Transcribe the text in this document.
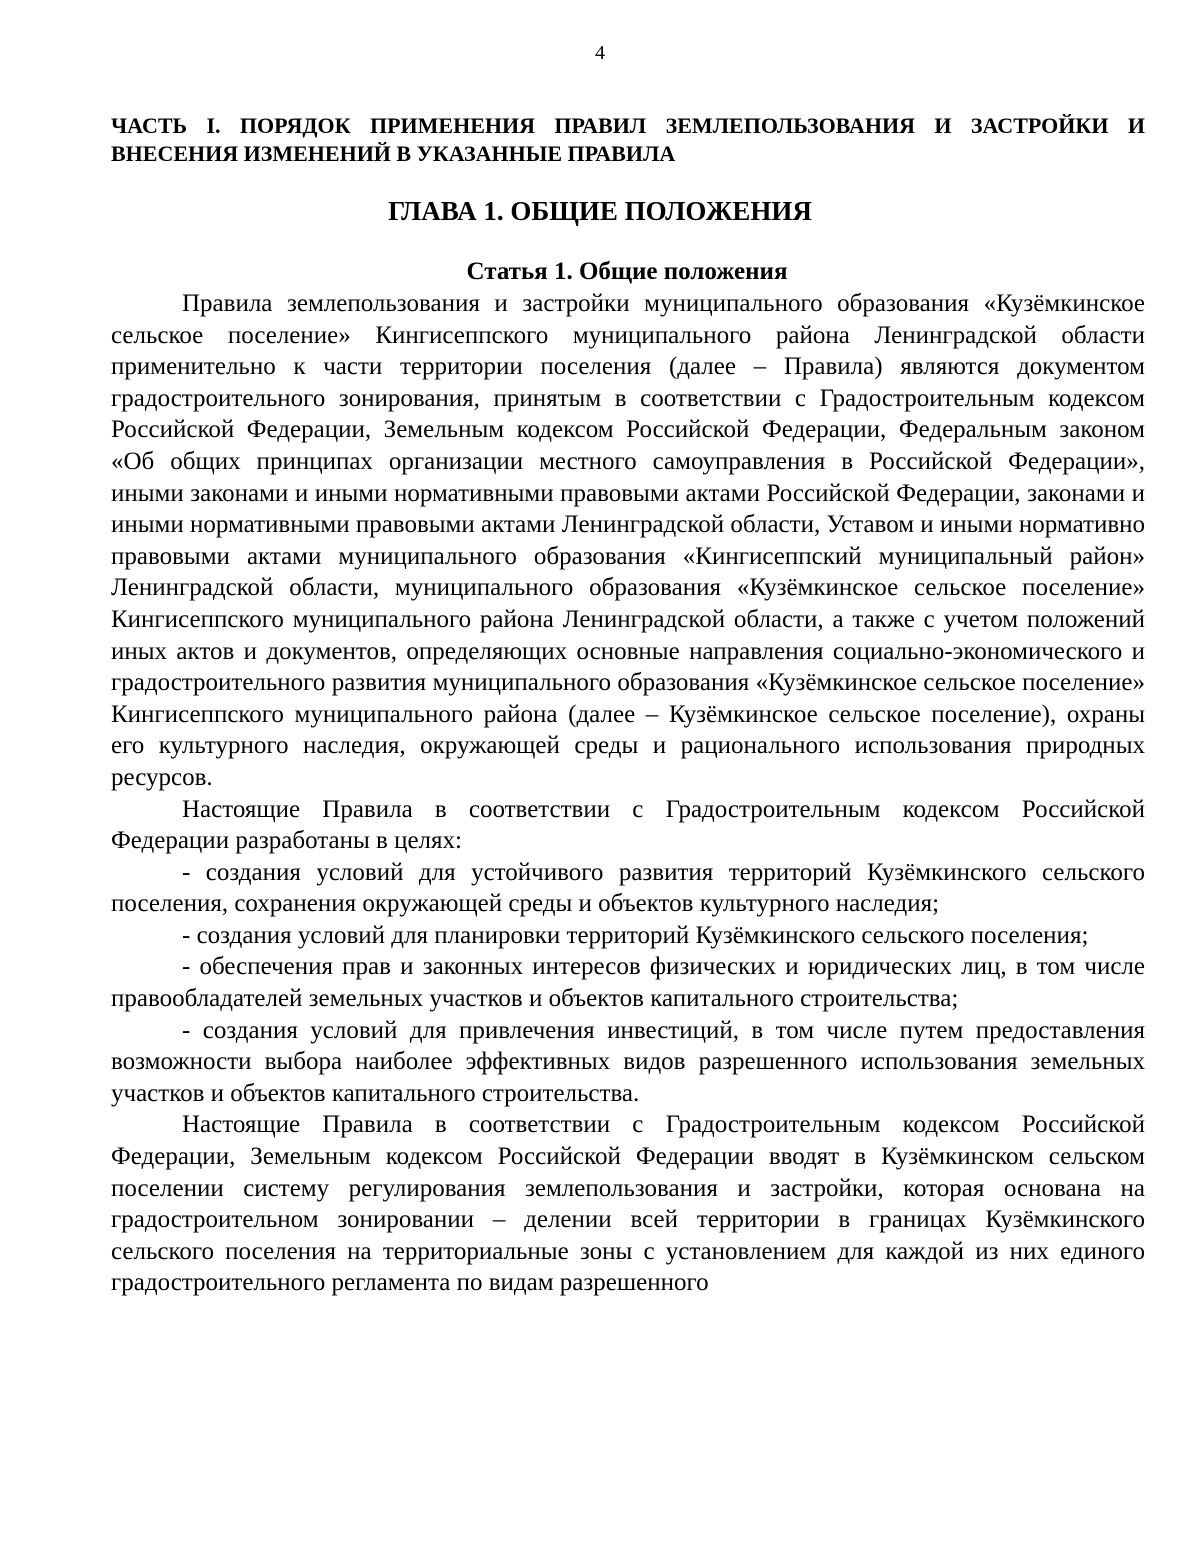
4
ЧАСТЬ I. ПОРЯДОК ПРИМЕНЕНИЯ ПРАВИЛ ЗЕМЛЕПОЛЬЗОВАНИЯ И ЗАСТРОЙКИ И ВНЕСЕНИЯ ИЗМЕНЕНИЙ В УКАЗАННЫЕ ПРАВИЛА
ГЛАВА 1. ОБЩИЕ ПОЛОЖЕНИЯ
Статья 1. Общие положения

Правила землепользования и застройки муниципального образования «Кузёмкинское сельское поселение» Кингисеппского муниципального района Ленинградской области применительно к части территории поселения (далее – Правила) являются документом градостроительного зонирования, принятым в соответствии с Градостроительным кодексом Российской Федерации, Земельным кодексом Российской Федерации, Федеральным законом «Об общих принципах организации местного самоуправления в Российской Федерации», иными законами и иными нормативными правовыми актами Российской Федерации, законами и иными нормативными правовыми актами Ленинградской области, Уставом и иными нормативно правовыми актами муниципального образования «Кингисеппский муниципальный район» Ленинградской области, муниципального образования «Кузёмкинское сельское поселение» Кингисеппского муниципального района Ленинградской области, а также с учетом положений иных актов и документов, определяющих основные направления социально-экономического и градостроительного развития муниципального образования «Кузёмкинское сельское поселение» Кингисеппского муниципального района (далее – Кузёмкинское сельское поселение), охраны его культурного наследия, окружающей среды и рационального использования природных ресурсов.

Настоящие Правила в соответствии с Градостроительным кодексом Российской Федерации разработаны в целях:

- создания условий для устойчивого развития территорий Кузёмкинского сельского поселения, сохранения окружающей среды и объектов культурного наследия;

- создания условий для планировки территорий Кузёмкинского сельского поселения;

- обеспечения прав и законных интересов физических и юридических лиц, в том числе правообладателей земельных участков и объектов капитального строительства;

- создания условий для привлечения инвестиций, в том числе путем предоставления возможности выбора наиболее эффективных видов разрешенного использования земельных участков и объектов капитального строительства.

Настоящие Правила в соответствии с Градостроительным кодексом Российской Федерации, Земельным кодексом Российской Федерации вводят в Кузёмкинском сельском поселении систему регулирования землепользования и застройки, которая основана на градостроительном зонировании – делении всей территории в границах Кузёмкинского сельского поселения на территориальные зоны с установлением для каждой из них единого градостроительного регламента по видам разрешенного
